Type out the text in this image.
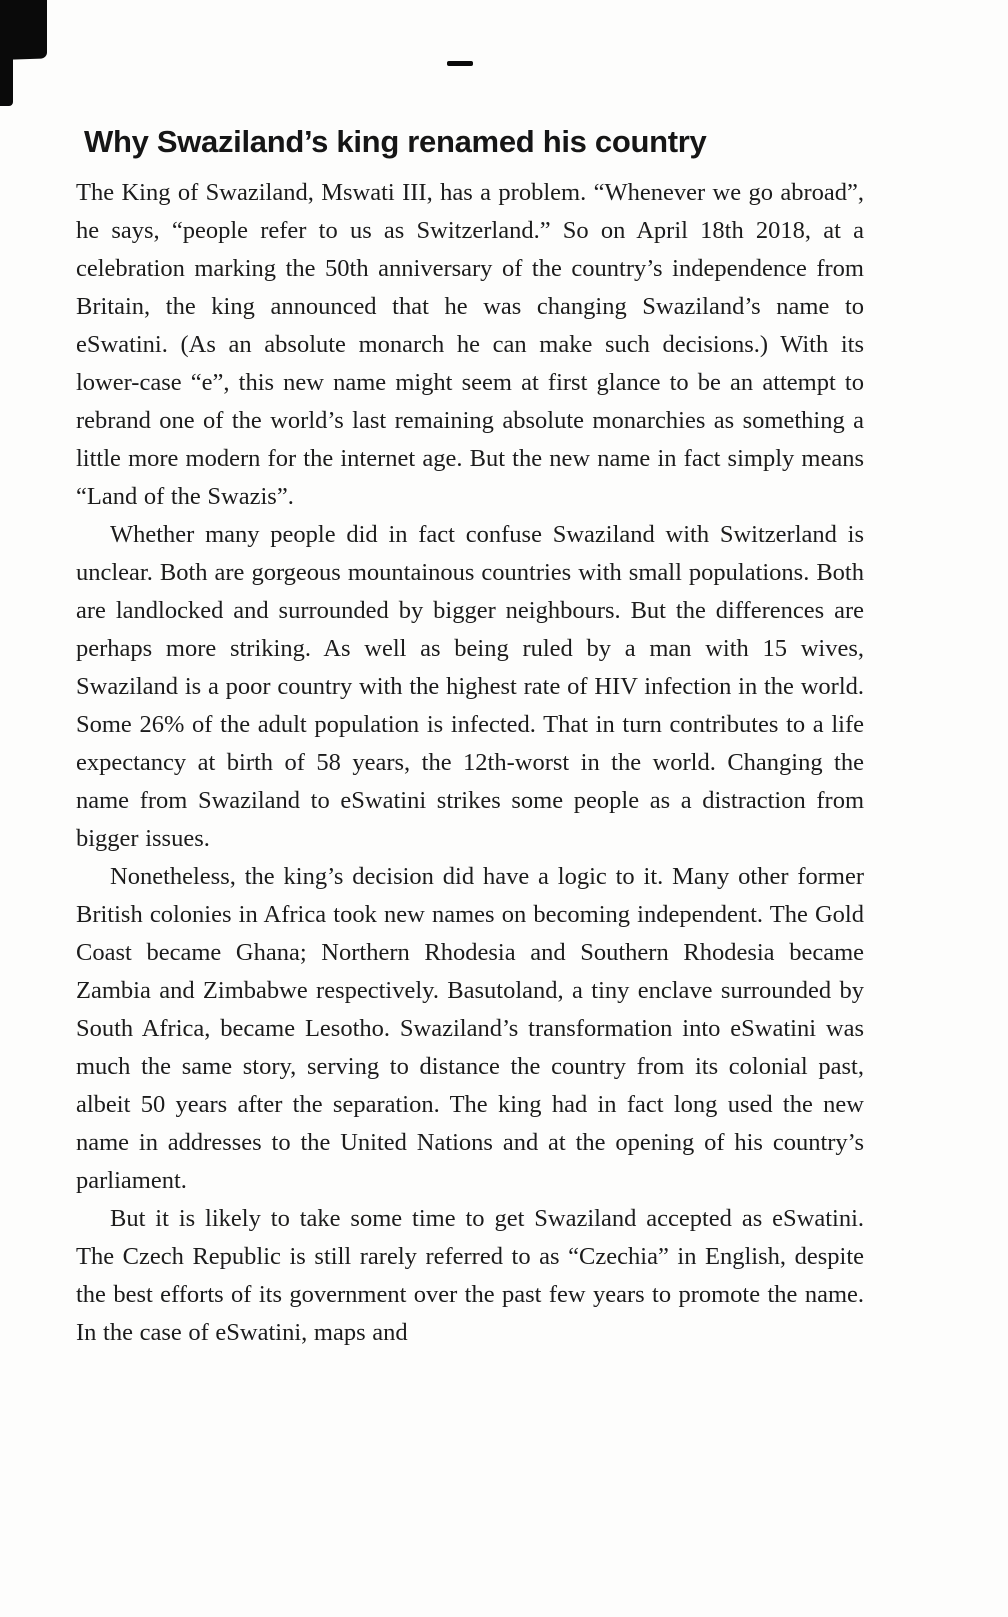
Why Swaziland’s king renamed his country

The King of Swaziland, Mswati III, has a problem. “Whenever we go abroad”, he says, “people refer to us as Switzerland.” So on April 18th 2018, at a celebration marking the 50th anniversary of the country’s independence from Britain, the king announced that he was changing Swaziland’s name to eSwatini. (As an absolute monarch he can make such decisions.) With its lower-case “e”, this new name might seem at first glance to be an attempt to rebrand one of the world’s last remaining absolute monarchies as something a little more modern for the internet age. But the new name in fact simply means “Land of the Swazis”.

Whether many people did in fact confuse Swaziland with Switzerland is unclear. Both are gorgeous mountainous countries with small populations. Both are landlocked and surrounded by bigger neighbours. But the differences are perhaps more striking. As well as being ruled by a man with 15 wives, Swaziland is a poor country with the highest rate of HIV infection in the world. Some 26% of the adult population is infected. That in turn contributes to a life expectancy at birth of 58 years, the 12th-worst in the world. Changing the name from Swaziland to eSwatini strikes some people as a distraction from bigger issues.

Nonetheless, the king’s decision did have a logic to it. Many other former British colonies in Africa took new names on becoming independent. The Gold Coast became Ghana; Northern Rhodesia and Southern Rhodesia became Zambia and Zimbabwe respectively. Basutoland, a tiny enclave surrounded by South Africa, became Lesotho. Swaziland’s transformation into eSwatini was much the same story, serving to distance the country from its colonial past, albeit 50 years after the separation. The king had in fact long used the new name in addresses to the United Nations and at the opening of his country’s parliament.

But it is likely to take some time to get Swaziland accepted as eSwatini. The Czech Republic is still rarely referred to as “Czechia” in English, despite the best efforts of its government over the past few years to promote the name. In the case of eSwatini, maps and
